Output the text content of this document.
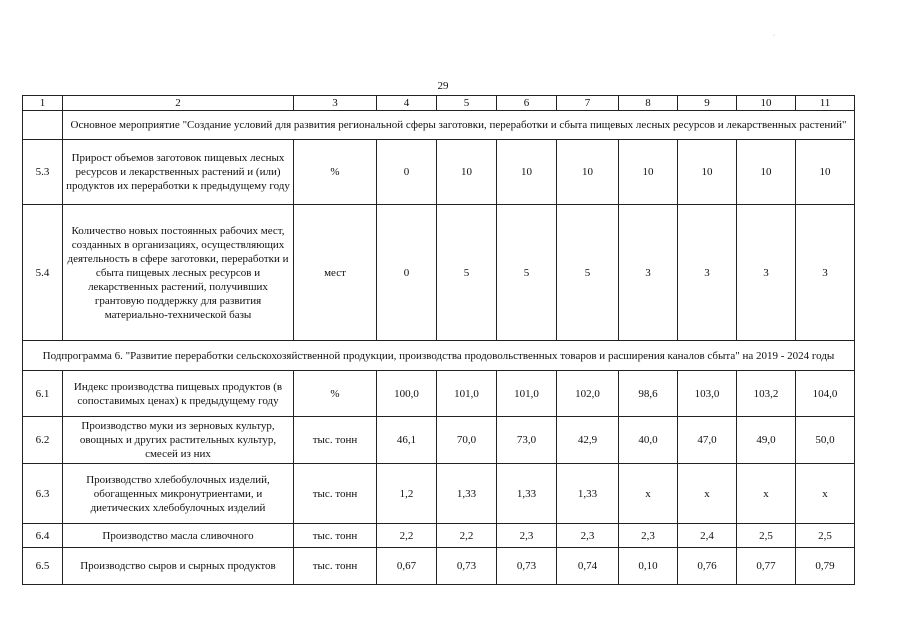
·
29
1	2	3	4	5	6	7	8	9	10	11
	Основное мероприятие "Создание условий для развития региональной сферы заготовки, переработки и сбыта пищевых лесных ресурсов и лекарственных растений"									
5.3	Прирост объемов заготовок пищевых лесных ресурсов и лекарственных растений и (или) продуктов их переработки к предыдущему году	%	0	10	10	10	10	10	10	10
5.4	Количество новых постоянных рабочих мест, созданных в организациях, осуществляющих деятельность в сфере заготовки, переработки и сбыта пищевых лесных ресурсов и лекарственных растений, получивших грантовую поддержку для развития материально-технической базы	мест	0	5	5	5	3	3	3	3
Подпрограмма 6. "Развитие переработки сельскохозяйственной продукции, производства продовольственных товаров и расширения каналов сбыта" на 2019 - 2024 годы										
6.1	Индекс производства пищевых продуктов (в сопоставимых ценах) к предыдущему году	%	100,0	101,0	101,0	102,0	98,6	103,0	103,2	104,0
6.2	Производство муки из зерновых культур, овощных и других растительных культур, смесей из них	тыс. тонн	46,1	70,0	73,0	42,9	40,0	47,0	49,0	50,0
6.3	Производство хлебобулочных изделий, обогащенных микронутриентами, и диетических хлебобулочных изделий	тыс. тонн	1,2	1,33	1,33	1,33	x	x	x	x
6.4	Производство масла сливочного	тыс. тонн	2,2	2,2	2,3	2,3	2,3	2,4	2,5	2,5
6.5	Производство сыров и сырных продуктов	тыс. тонн	0,67	0,73	0,73	0,74	0,10	0,76	0,77	0,79
